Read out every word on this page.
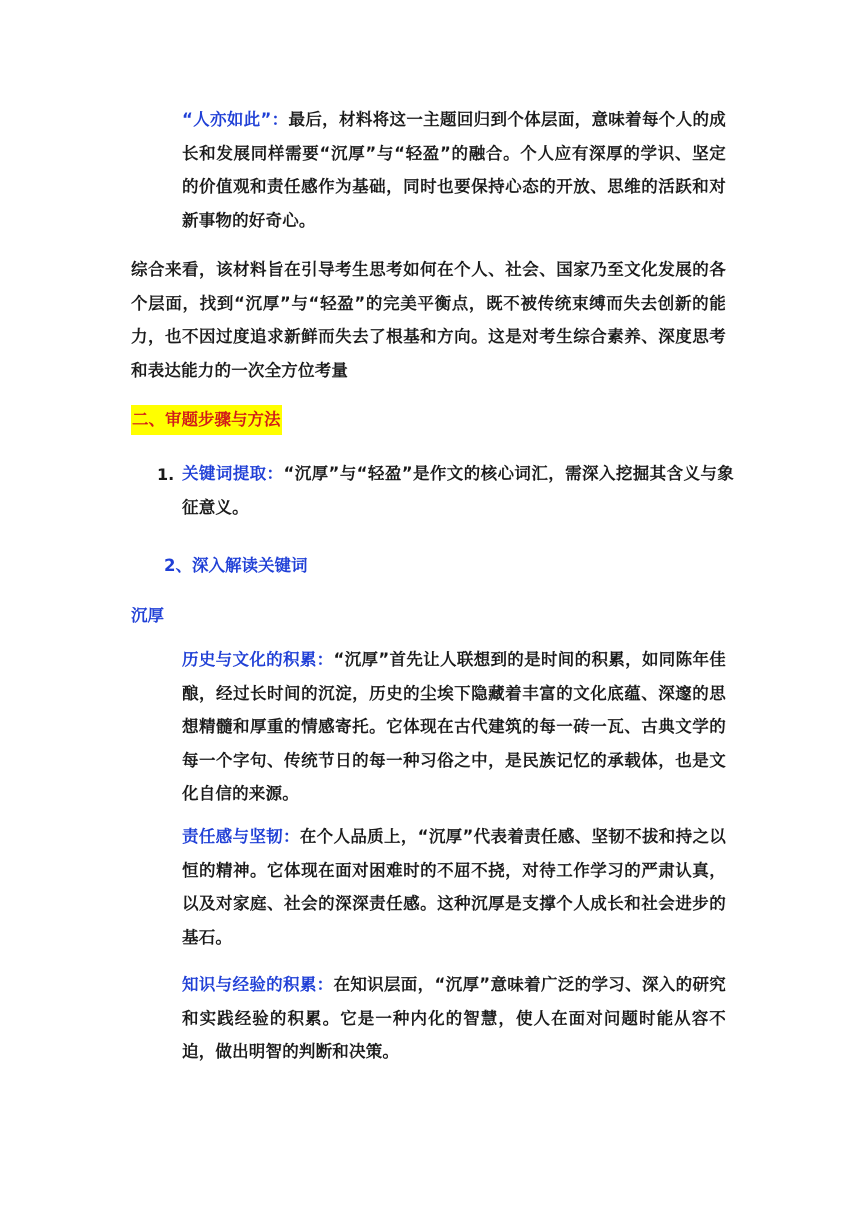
“人亦如此”：最后，材料将这一主题回归到个体层面，意味着每个人的成长和发展同样需要“沉厚”与“轻盈”的融合。个人应有深厚的学识、坚定的价值观和责任感作为基础，同时也要保持心态的开放、思维的活跃和对新事物的好奇心。

综合来看，该材料旨在引导考生思考如何在个人、社会、国家乃至文化发展的各个层面，找到“沉厚”与“轻盈”的完美平衡点，既不被传统束缚而失去创新的能力，也不因过度追求新鲜而失去了根基和方向。这是对考生综合素养、深度思考和表达能力的一次全方位考量

二、审题步骤与方法
1. 关键词提取：“沉厚”与“轻盈”是作文的核心词汇，需深入挖掘其含义与象征意义。

2、深入解读关键词
沉厚

历史与文化的积累：“沉厚”首先让人联想到的是时间的积累，如同陈年佳酿，经过长时间的沉淀，历史的尘埃下隐藏着丰富的文化底蕴、深邃的思想精髓和厚重的情感寄托。它体现在古代建筑的每一砖一瓦、古典文学的每一个字句、传统节日的每一种习俗之中，是民族记忆的承载体，也是文化自信的来源。

责任感与坚韧：在个人品质上，“沉厚”代表着责任感、坚韧不拔和持之以恒的精神。它体现在面对困难时的不屈不挠，对待工作学习的严肃认真，以及对家庭、社会的深深责任感。这种沉厚是支撑个人成长和社会进步的基石。

知识与经验的积累：在知识层面，“沉厚”意味着广泛的学习、深入的研究和实践经验的积累。它是一种内化的智慧，使人在面对问题时能从容不迫，做出明智的判断和决策。
